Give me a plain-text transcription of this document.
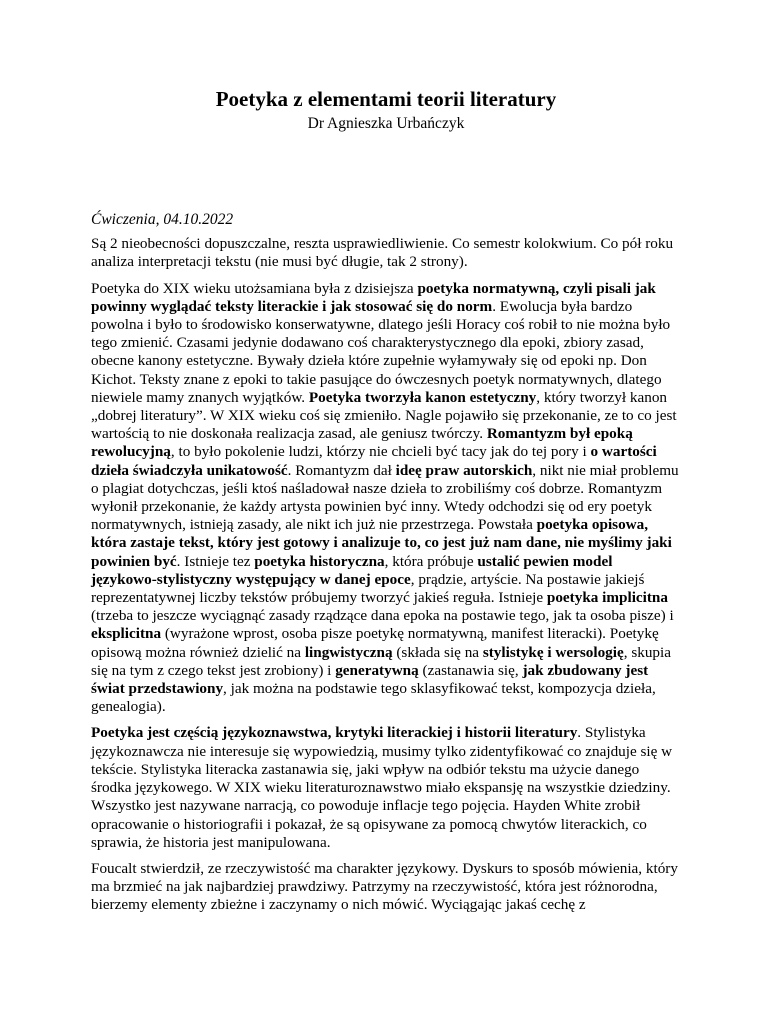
Poetyka z elementami teorii literatury
Dr Agnieszka Urbańczyk
Ćwiczenia, 04.10.2022

Są 2 nieobecności dopuszczalne, reszta usprawiedliwienie. Co semestr kolokwium. Co pół roku analiza interpretacji tekstu (nie musi być długie, tak 2 strony).

Poetyka do XIX wieku utożsamiana była z dzisiejsza poetyka normatywną, czyli pisali jak powinny wyglądać teksty literackie i jak stosować się do norm. Ewolucja była bardzo powolna i było to środowisko konserwatywne, dlatego jeśli Horacy coś robił to nie można było tego zmienić. Czasami jedynie dodawano coś charakterystycznego dla epoki, zbiory zasad, obecne kanony estetyczne. Bywały dzieła które zupełnie wyłamywały się od epoki np. Don Kichot. Teksty znane z epoki to takie pasujące do ówczesnych poetyk normatywnych, dlatego niewiele mamy znanych wyjątków. Poetyka tworzyła kanon estetyczny, który tworzył kanon „dobrej literatury”. W XIX wieku coś się zmieniło. Nagle pojawiło się przekonanie, ze to co jest wartością to nie doskonała realizacja zasad, ale geniusz twórczy. Romantyzm był epoką rewolucyjną, to było pokolenie ludzi, którzy nie chcieli być tacy jak do tej pory i o wartości dzieła świadczyła unikatowość. Romantyzm dał ideę praw autorskich, nikt nie miał problemu o plagiat dotychczas, jeśli ktoś naśladował nasze dzieła to zrobiliśmy coś dobrze. Romantyzm wyłonił przekonanie, że każdy artysta powinien być inny. Wtedy odchodzi się od ery poetyk normatywnych, istnieją zasady, ale nikt ich już nie przestrzega. Powstała poetyka opisowa, która zastaje tekst, który jest gotowy i analizuje to, co jest już nam dane, nie myślimy jaki powinien być. Istnieje tez poetyka historyczna, która próbuje ustalić pewien model językowo-stylistyczny występujący w danej epoce, prądzie, artyście. Na postawie jakiejś reprezentatywnej liczby tekstów próbujemy tworzyć jakieś reguła. Istnieje poetyka implicitna (trzeba to jeszcze wyciągnąć zasady rządzące dana epoka na postawie tego, jak ta osoba pisze) i eksplicitna (wyrażone wprost, osoba pisze poetykę normatywną, manifest literacki). Poetykę opisową można również dzielić na lingwistyczną (składa się na stylistykę i wersologię, skupia się na tym z czego tekst jest zrobiony) i generatywną (zastanawia się, jak zbudowany jest świat przedstawiony, jak można na podstawie tego sklasyfikować tekst, kompozycja dzieła, genealogia).

Poetyka jest częścią językoznawstwa, krytyki literackiej i historii literatury. Stylistyka językoznawcza nie interesuje się wypowiedzią, musimy tylko zidentyfikować co znajduje się w tekście. Stylistyka literacka zastanawia się, jaki wpływ na odbiór tekstu ma użycie danego środka językowego. W XIX wieku literaturoznawstwo miało ekspansję na wszystkie dziedziny. Wszystko jest nazywane narracją, co powoduje inflacje tego pojęcia. Hayden White zrobił opracowanie o historiografii i pokazał, że są opisywane za pomocą chwytów literackich, co sprawia, że historia jest manipulowana.

Foucalt stwierdził, ze rzeczywistość ma charakter językowy. Dyskurs to sposób mówienia, który ma brzmieć na jak najbardziej prawdziwy. Patrzymy na rzeczywistość, która jest różnorodna, bierzemy elementy zbieżne i zaczynamy o nich mówić. Wyciągając jakaś cechę z
